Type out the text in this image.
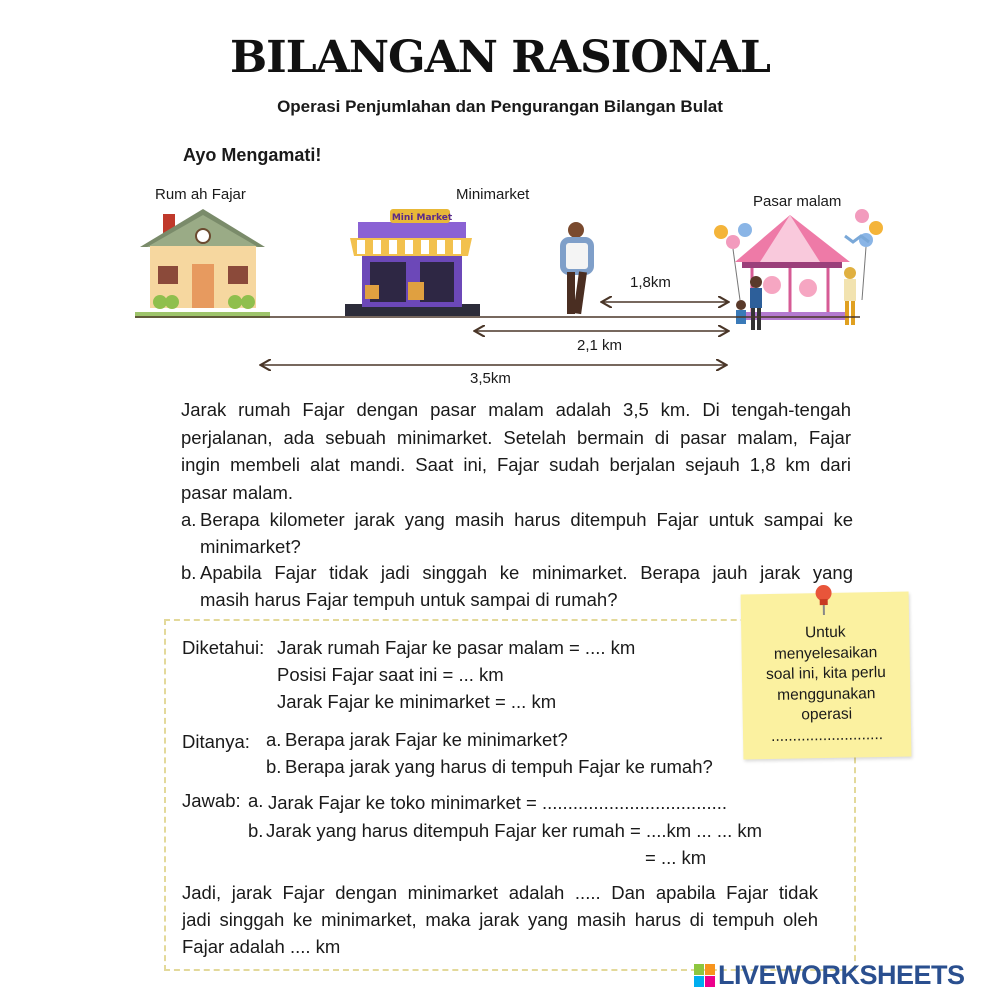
BILANGAN RASIONAL
Operasi Penjumlahan dan Pengurangan Bilangan Bulat
Ayo Mengamati!
Rum ah Fajar	Minimarket	Pasar malam
Mini Market
1,8km
2,1 km
3,5km
Jarak rumah Fajar dengan pasar malam adalah 3,5 km. Di tengah-tengah
perjalanan, ada sebuah minimarket. Setelah bermain di pasar malam, Fajar
ingin membeli alat mandi. Saat ini, Fajar sudah berjalan sejauh 1,8 km dari
pasar malam.
a. Berapa kilometer jarak yang masih harus ditempuh Fajar untuk sampai ke
minimarket?
b. Apabila Fajar tidak jadi singgah ke minimarket. Berapa jauh jarak yang
masih harus Fajar tempuh untuk sampai di rumah?
Diketahui: Jarak rumah Fajar ke pasar malam = .... km
Posisi Fajar saat ini = ... km
Jarak Fajar ke minimarket = ... km
Ditanya: a. Berapa jarak Fajar ke minimarket?
b. Berapa jarak yang harus di tempuh Fajar ke rumah?
Jawab: a. Jarak Fajar ke toko minimarket = ....................................
b. Jarak yang harus ditempuh Fajar ker rumah = ....km ... ... km
= ... km
Jadi, jarak Fajar dengan minimarket adalah ..... Dan apabila Fajar tidak
jadi singgah ke minimarket, maka jarak yang masih harus di tempuh oleh
Fajar adalah .... km
Untuk
menyelesaikan
soal ini, kita perlu
menggunakan
operasi
..........................
LIVEWORKSHEETS
